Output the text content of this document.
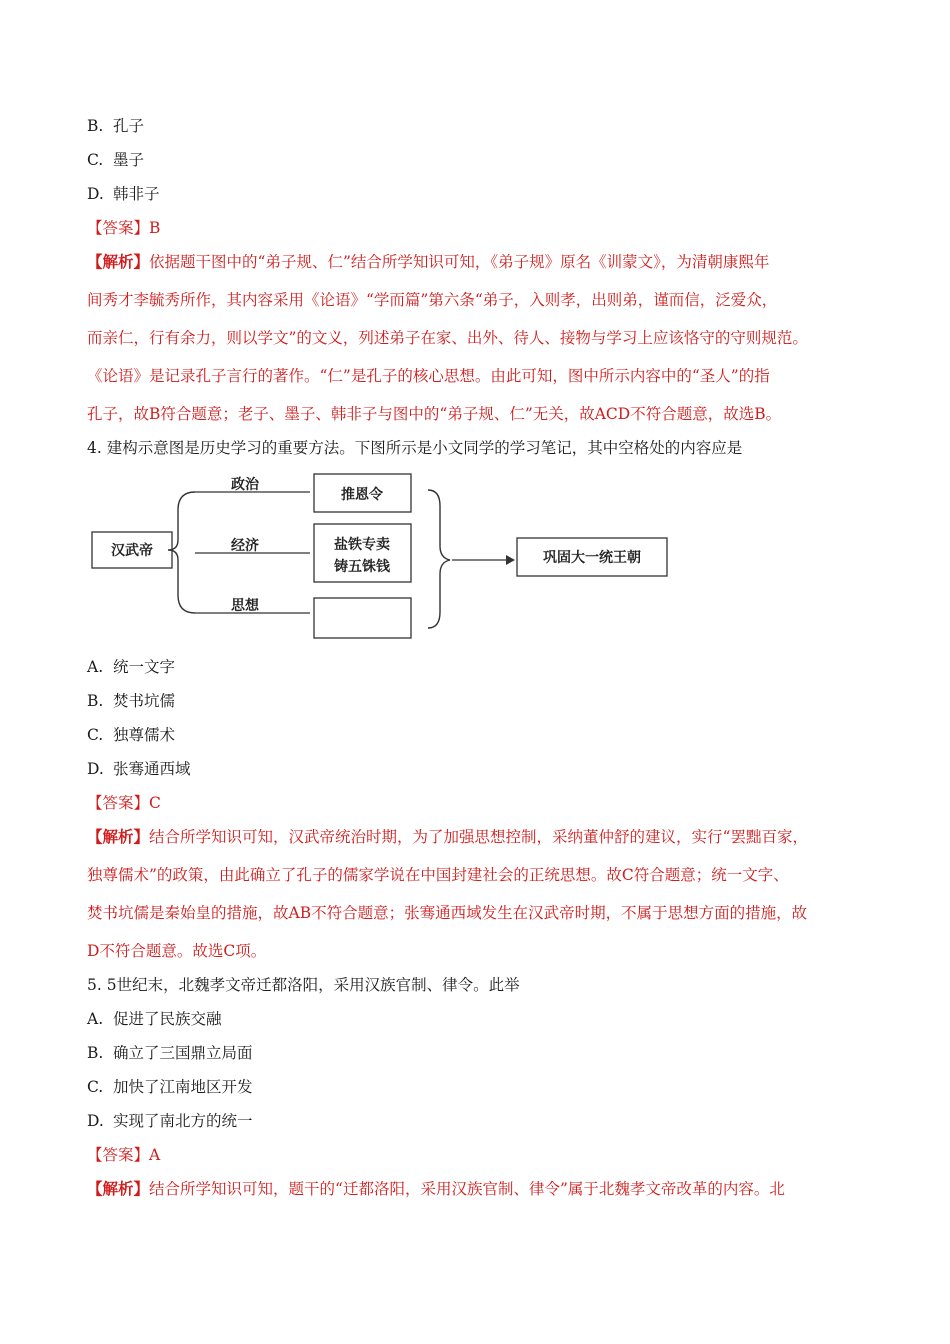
B. 孔子
C. 墨子
D. 韩非子
【答案】B
【解析】依据题干图中的“弟子规、仁”结合所学知识可知，《弟子规》原名《训蒙文》，为清朝康熙年
间秀才李毓秀所作，其内容采用《论语》“学而篇”第六条“弟子，入则孝，出则弟，谨而信，泛爱众，
而亲仁，行有余力，则以学文”的文义，列述弟子在家、出外、待人、接物与学习上应该恪守的守则规范。
《论语》是记录孔子言行的著作。“仁”是孔子的核心思想。由此可知，图中所示内容中的“圣人”的指
孔子，故B符合题意；老子、墨子、韩非子与图中的“弟子规、仁”无关，故ACD不符合题意，故选B。
4. 建构示意图是历史学习的重要方法。下图所示是小文同学的学习笔记，其中空格处的内容应是
汉武帝
政治
经济
思想
推恩令
盐铁专卖
铸五铢钱
巩固大一统王朝
A. 统一文字
B. 焚书坑儒
C. 独尊儒术
D. 张骞通西域
【答案】C
【解析】结合所学知识可知，汉武帝统治时期，为了加强思想控制，采纳董仲舒的建议，实行“罢黜百家，
独尊儒术”的政策，由此确立了孔子的儒家学说在中国封建社会的正统思想。故C符合题意；统一文字、
焚书坑儒是秦始皇的措施，故AB不符合题意；张骞通西域发生在汉武帝时期，不属于思想方面的措施，故
D不符合题意。故选C项。
5. 5世纪末，北魏孝文帝迁都洛阳，采用汉族官制、律令。此举
A. 促进了民族交融
B. 确立了三国鼎立局面
C. 加快了江南地区开发
D. 实现了南北方的统一
【答案】A
【解析】结合所学知识可知，题干的“迁都洛阳，采用汉族官制、律令”属于北魏孝文帝改革的内容。北
